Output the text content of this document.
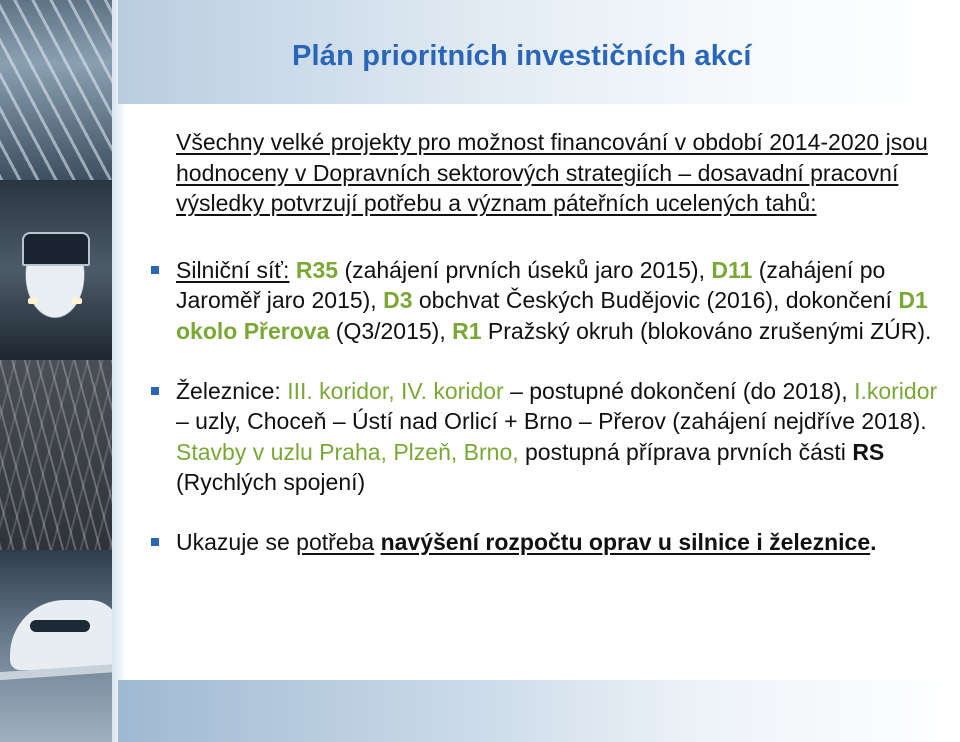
Plán prioritních investičních akcí

Všechny velké projekty pro možnost financování v období 2014-2020 jsou hodnoceny v Dopravních sektorových strategiích – dosavadní pracovní výsledky potvrzují potřebu a význam páteřních ucelených tahů:

Silniční síť: R35 (zahájení prvních úseků jaro 2015), D11 (zahájení po Jaroměř jaro 2015), D3 obchvat Českých Budějovic (2016), dokončení D1 okolo Přerova (Q3/2015), R1 Pražský okruh (blokováno zrušenými ZÚR).
Železnice: III. koridor, IV. koridor – postupné dokončení (do 2018), I.koridor – uzly, Choceň – Ústí nad Orlicí + Brno – Přerov (zahájení nejdříve 2018). Stavby v uzlu Praha, Plzeň, Brno, postupná příprava prvních části RS (Rychlých spojení)
Ukazuje se potřeba navýšení rozpočtu oprav u silnice i železnice.
